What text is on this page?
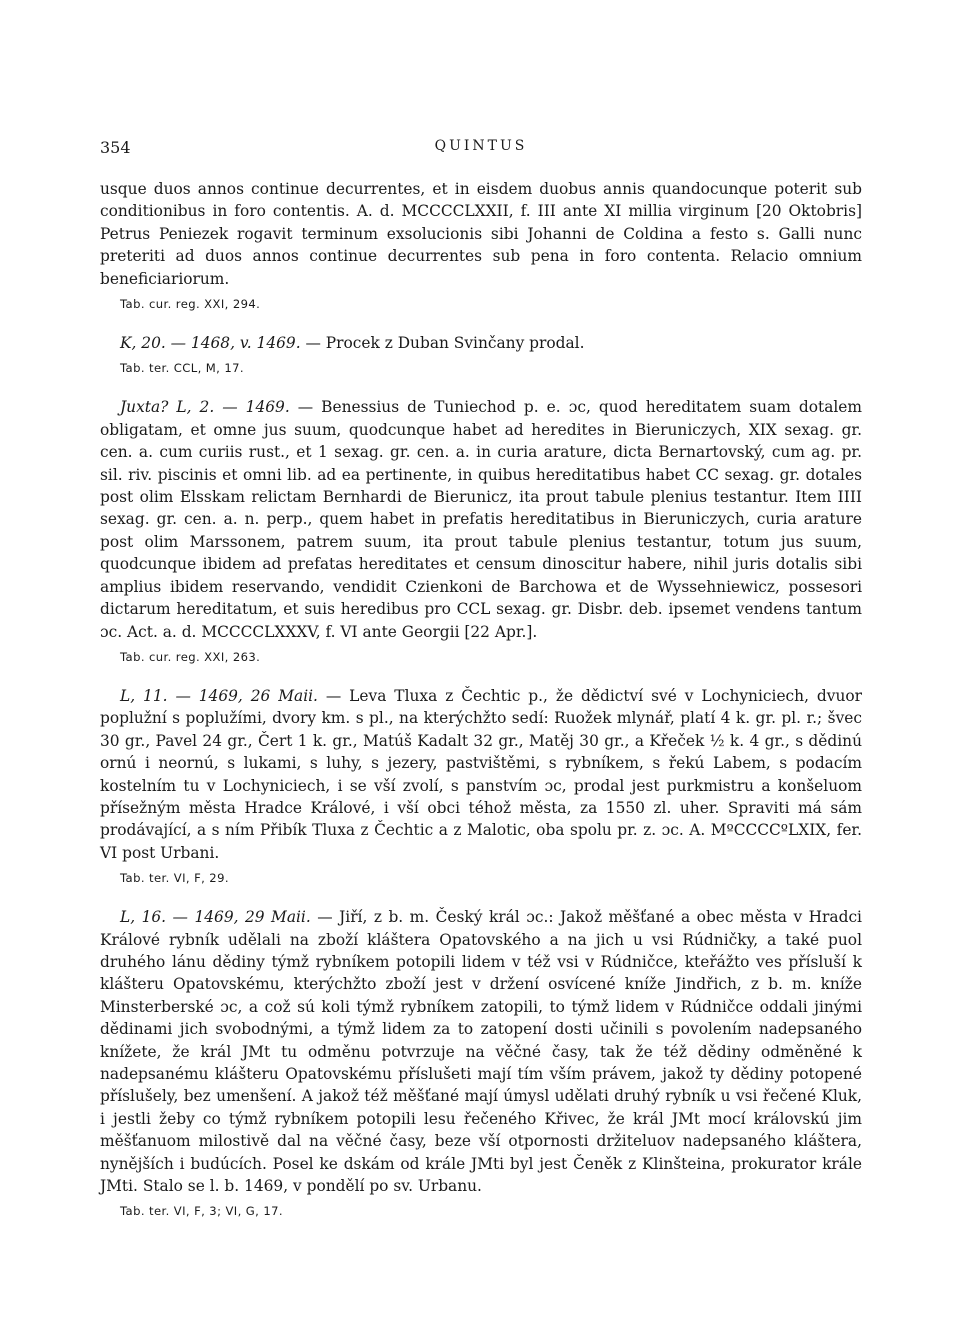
354	QUINTUS

usque duos annos continue decurrentes, et in eisdem duobus annis quandocunque poterit sub conditionibus in foro contentis. A. d. MCCCCLXXII, f. III ante XI millia virginum [20 Oktobris] Petrus Peniezek rogavit terminum exsolucionis sibi Johanni de Coldina a festo s. Galli nunc preteriti ad duos annos continue decurrentes sub pena in foro contenta. Relacio omnium beneficiariorum.

Tab. cur. reg. XXI, 294.

K, 20. — 1468, v. 1469. — Procek z Duban Svinčany prodal.

Tab. ter. CCL, M, 17.

Juxta? L, 2. — 1469. — Benessius de Tuniechod p. e. ɔc, quod hereditatem suam dotalem obligatam, et omne jus suum, quodcunque habet ad heredites in Bieruniczych, XIX sexag. gr. cen. a. cum curiis rust., et 1 sexag. gr. cen. a. in curia arature, dicta Bernartovský, cum ag. pr. sil. riv. piscinis et omni lib. ad ea pertinente, in quibus hereditatibus habet CC sexag. gr. dotales post olim Elsskam relictam Bernhardi de Bierunicz, ita prout tabule plenius testantur. Item IIII sexag. gr. cen. a. n. perp., quem habet in prefatis hereditatibus in Bieruniczych, curia arature post olim Marssonem, patrem suum, ita prout tabule plenius testantur, totum jus suum, quodcunque ibidem ad prefatas hereditates et censum dinoscitur habere, nihil juris dotalis sibi amplius ibidem reservando, vendidit Czienkoni de Barchowa et de Wyssehniewicz, possesori dictarum hereditatum, et suis heredibus pro CCL sexag. gr. Disbr. deb. ipsemet vendens tantum ɔc. Act. a. d. MCCCCLXXXV, f. VI ante Georgii [22 Apr.].

Tab. cur. reg. XXI, 263.

L, 11. — 1469, 26 Maii. — Leva Tluxa z Čechtic p., že dědictví své v Lochyniciech, dvuor poplužní s poplužími, dvory km. s pl., na kterýchžto sedí: Ruožek mlynář, platí 4 k. gr. pl. r.; švec 30 gr., Pavel 24 gr., Čert 1 k. gr., Matúš Kadalt 32 gr., Matěj 30 gr., a Křeček ½ k. 4 gr., s dědinú ornú i neornú, s lukami, s luhy, s jezery, pastvištěmi, s rybníkem, s řekú Labem, s podacím kostelním tu v Lochyniciech, i se vší zvolí, s panstvím ɔc, prodal jest purkmistru a konšeluom přísežným města Hradce Králové, i vší obci téhož města, za 1550 zl. uher. Spraviti má sám prodávající, a s ním Přibík Tluxa z Čechtic a z Malotic, oba spolu pr. z. ɔc. A. MºCCCCºLXIX, fer. VI post Urbani.

Tab. ter. VI, F, 29.

L, 16. — 1469, 29 Maii. — Jiří, z b. m. Český král ɔc.: Jakož měšťané a obec města v Hradci Králové rybník udělali na zboží kláštera Opatovského a na jich u vsi Rúdničky, a také puol druhého lánu dědiny týmž rybníkem potopili lidem v též vsi v Rúdničce, kteřážto ves přísluší k klášteru Opatovskému, kterýchžto zboží jest v držení osvícené kníže Jindřich, z b. m. kníže Minsterberské ɔc, a což sú koli týmž rybníkem zatopili, to týmž lidem v Rúdničce oddali jinými dědinami jich svobodnými, a týmž lidem za to zatopení dosti učinili s povolením nadepsaného knížete, že král JMt tu odměnu potvrzuje na věčné časy, tak že též dědiny odměněné k nadepsanému klášteru Opatovskému příslušeti mají tím vším právem, jakož ty dědiny potopené příslušely, bez umenšení. A jakož též měšťané mají úmysl udělati druhý rybník u vsi řečené Kluk, i jestli žeby co týmž rybníkem potopili lesu řečeného Křivec, že král JMt mocí královskú jim měšťanuom milostivě dal na věčné časy, beze vší otpornosti držiteluov nadepsaného kláštera, nynějších i budúcích. Posel ke dskám od krále JMti byl jest Čeněk z Klinšteina, prokurator krále JMti. Stalo se l. b. 1469, v pondělí po sv. Urbanu.

Tab. ter. VI, F, 3; VI, G, 17.
